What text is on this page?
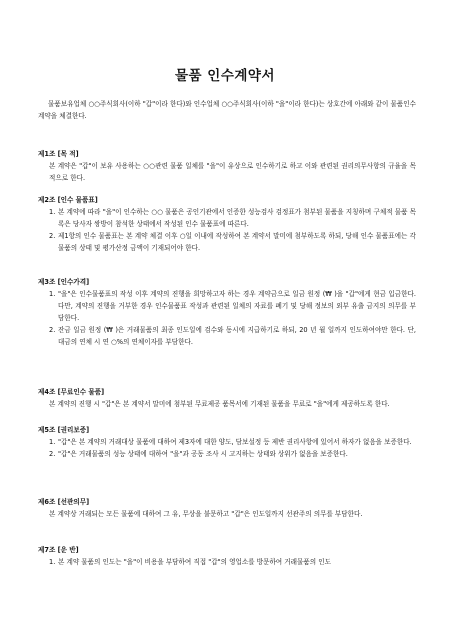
물품 인수계약서
물품보유업체 ○○주식회사(이하 "갑"이라 한다)와 인수업체 ○○주식회사(이하 "을"이라 한다)는 상호간에 아래와 같이 물품인수 계약을 체결한다.
제1조 [목 적]
본 계약은 "갑"이 보유 사용하는 ○○관련 물품 일체를 "을"이 유상으로 인수하기로 하고 이와 관련된 권리의무사항의 규율을 목적으로 한다.
제2조 [인수 물품표]
1. 본 계약에 따라 "을"이 인수하는 ○○ 물품은 공인기관에서 인증한 성능검사 검정표가 첨부된 물품을 지칭하며 구체적 물품 목록은 당사자 쌍방이 참석한 상태에서 작성된 인수 물품표에 따른다.
2. 제1항의 인수 물품표는 본 계약 체결 이후 ○일 이내에 작성하여 본 계약서 말미에 첨부하도록 하되, 당해 인수 물품표에는 각 물품의 상태 및 평가산정 금액이 기재되어야 한다.
제3조 [인수가격]
1. "을"은 인수물품표의 작성 이후 계약의 진행을 희망하고자 하는 경우 계약금으로 일금 원정 (₩ )을 "갑"에게 현금 입금한다. 다만, 계약의 진행을 거부한 경우 인수물품표 작성과 관련된 일체의 자료를 폐기 및 당해 정보의 외부 유출 금지의 의무를 부담한다.
2. 잔금 일금 원정 (₩ )은 거래물품의 최종 인도일에 검수와 동시에 지급하기로 하되, 20 년 월 일까지 인도하여야만 한다. 단, 대금의 연체 시 연 ○%의 연체이자를 부담한다.
제4조 [무료인수 물품]
본 계약의 진행 시 "갑"은 본 계약서 말미에 첨부된 무료제공 품목서에 기재된 물품을 무료로 "을"에게 제공하도록 한다.
제5조 [권리보증]
1. "갑"은 본 계약의 거래대상 물품에 대하여 제3자에 대한 양도, 담보설정 등 제반 권리사항에 있어서 하자가 없음을 보증한다.
2. "갑"은 거래물품의 성능 상태에 대하여 "을"과 공동 조사 시 고지하는 상태와 상위가 없음을 보증한다.
제6조 [선관의무]
본 계약상 거래되는 모든 물품에 대하여 그 유, 무상을 불문하고 "갑"은 인도일까지 선관주의 의무를 부담한다.
제7조 [운 반]
1. 본 계약 물품의 인도는 "을"이 비용을 부담하여 직접 "갑"의 영업소를 방문하여 거래물품의 인도
